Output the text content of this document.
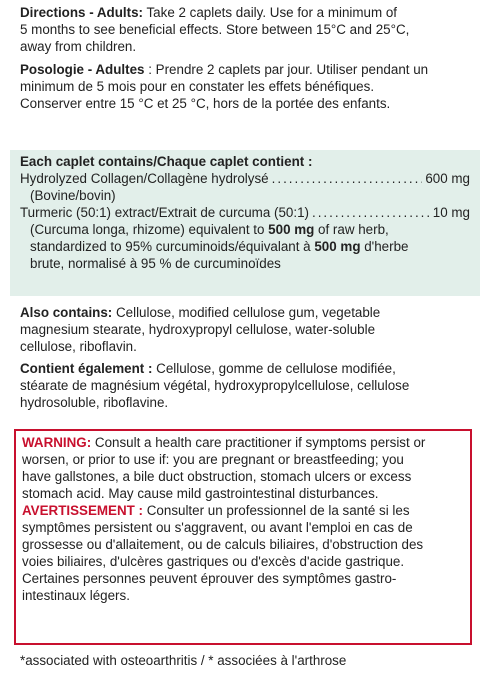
Directions - Adults: Take 2 caplets daily. Use for a minimum of

5 months to see beneficial effects. Store between 15°C and 25°C,

away from children.

Posologie - Adultes : Prendre 2 caplets par jour. Utiliser pendant un

minimum de 5 mois pour en constater les effets bénéfiques.

Conserver entre 15 °C et 25 °C, hors de la portée des enfants.

Each caplet contains/Chaque caplet contient :

Hydrolyzed Collagen/Collagène hydrolysé .....	600 mg

(Bovine/bovin)

Turmeric (50:1) extract/Extrait de curcuma (50:1) .....	10 mg

(Curcuma longa, rhizome) equivalent to 500 mg of raw herb,

standardized to 95% curcuminoids/équivalant à 500 mg d'herbe

brute, normalisé à 95 % de curcuminoïdes

Also contains: Cellulose, modified cellulose gum, vegetable

magnesium stearate, hydroxypropyl cellulose, water-soluble

cellulose, riboflavin.

Contient également : Cellulose, gomme de cellulose modifiée,

stéarate de magnésium végétal, hydroxypropylcellulose, cellulose

hydrosoluble, riboflavine.

WARNING: Consult a health care practitioner if symptoms persist or

worsen, or prior to use if: you are pregnant or breastfeeding; you

have gallstones, a bile duct obstruction, stomach ulcers or excess

stomach acid. May cause mild gastrointestinal disturbances.

AVERTISSEMENT : Consulter un professionnel de la santé si les

symptômes persistent ou s'aggravent, ou avant l'emploi en cas de

grossesse ou d'allaitement, ou de calculs biliaires, d'obstruction des

voies biliaires, d'ulcères gastriques ou d'excès d'acide gastrique.

Certaines personnes peuvent éprouver des symptômes gastro-

intestinaux légers.

*associated with osteoarthritis / * associées à l'arthrose
